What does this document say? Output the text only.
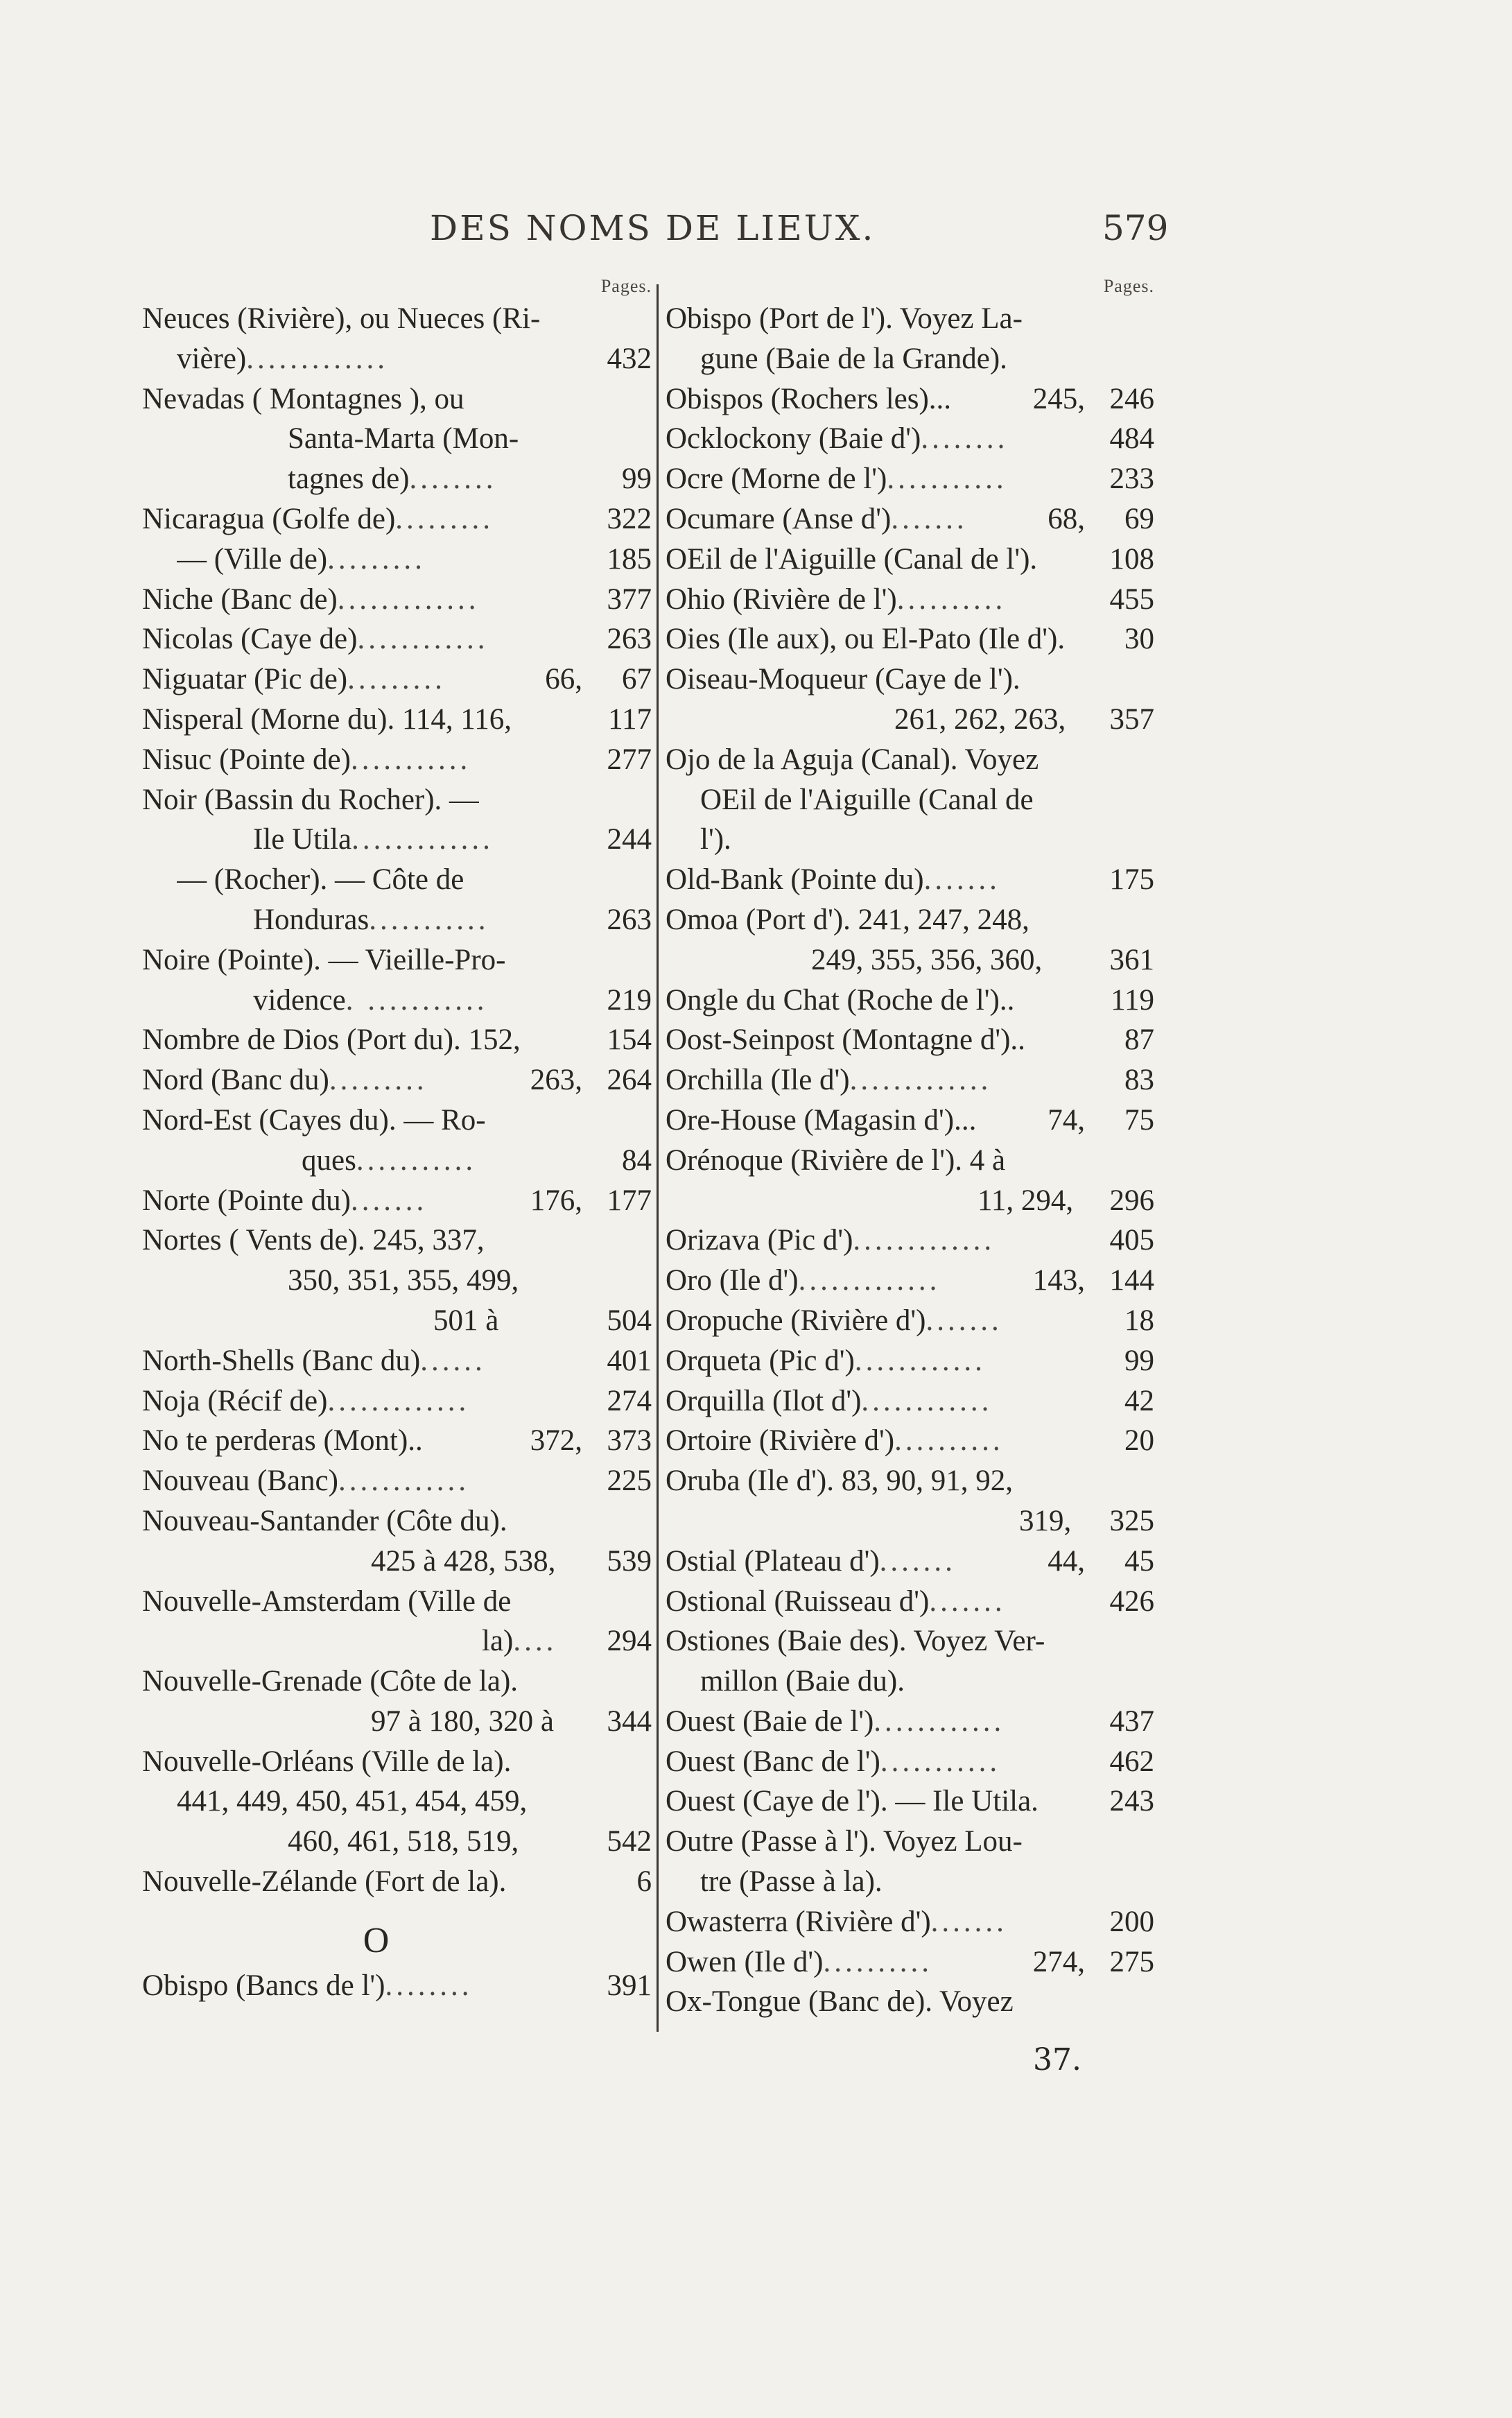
DES NOMS DE LIEUX.	579
Pages.
Neuces (Rivière), ou Nueces (Ri-
vière) .............	432
Nevadas ( Montagnes ), ou
Santa-Marta (Mon-
tagnes de) ........	99
Nicaragua (Golfe de) .........	322
— (Ville de) .........	185
Niche (Banc de) .............	377
Nicolas (Caye de) ............	263
Niguatar (Pic de) .........	66,	67
Nisperal (Morne du). 114, 116,	117
Nisuc (Pointe de) ...........	277
Noir (Bassin du Rocher). —
Ile Utila .............	244
— (Rocher). — Côte de
Honduras ...........	263
Noire (Pointe). — Vieille-Pro-
vidence . ...........	219
Nombre de Dios (Port du). 152,	154
Nord (Banc du) .........	263, 264
Nord-Est (Cayes du). — Ro-
ques ...........	84
Norte (Pointe du) .......	176, 177
Nortes ( Vents de). 245, 337,
350, 351, 355, 499,
501 à	504
North-Shells (Banc du) ......	401
Noja (Récif de) .............	274
No te perderas (Mont)..	372, 373
Nouveau (Banc) ............	225
Nouveau-Santander (Côte du).
425 à 428, 538,	539
Nouvelle-Amsterdam (Ville de
la) ....	294
Nouvelle-Grenade (Côte de la).
97 à 180, 320 à	344
Nouvelle-Orléans (Ville de la).
441, 449, 450, 451, 454, 459,
460, 461, 518, 519,	542
Nouvelle-Zélande (Fort de la).	6
O
Obispo (Bancs de l') ........	391
Pages.
Obispo (Port de l'). Voyez La-
gune (Baie de la Grande).
Obispos (Rochers les)...	245, 246
Ocklockony (Baie d') ........	484
Ocre (Morne de l') ...........	233
Ocumare (Anse d') .......	68,	69
OEil de l'Aiguille (Canal de l').	108
Ohio (Rivière de l') ..........	455
Oies (Ile aux), ou El-Pato (Ile d').	30
Oiseau-Moqueur (Caye de l').
261, 262, 263,	357
Ojo de la Aguja (Canal). Voyez
OEil de l'Aiguille (Canal de
l').
Old-Bank (Pointe du) .......	175
Omoa (Port d'). 241, 247, 248,
249, 355, 356, 360,	361
Ongle du Chat (Roche de l')..	119
Oost-Seinpost (Montagne d')..	87
Orchilla (Ile d') .............	83
Ore-House (Magasin d')... 74,	75
Orénoque (Rivière de l'). 4 à
11, 294,	296
Orizava (Pic d') .............	405
Oro (Ile d') .............	143, 144
Oropuche (Rivière d') .......	18
Orqueta (Pic d') ............	99
Orquilla (Ilot d') ............	42
Ortoire (Rivière d') ..........	20
Oruba (Ile d'). 83, 90, 91, 92,
319,	325
Ostial (Plateau d') .......	44,	45
Ostional (Ruisseau d') .......	426
Ostiones (Baie des). Voyez Ver-
millon (Baie du).
Ouest (Baie de l') ............	437
Ouest (Banc de l') ...........	462
Ouest (Caye de l'). — Ile Utila.	243
Outre (Passe à l'). Voyez Lou-
tre (Passe à la).
Owasterra (Rivière d') .......	200
Owen (Ile d') ..........	274, 275
Ox-Tongue (Banc de). Voyez
37.
